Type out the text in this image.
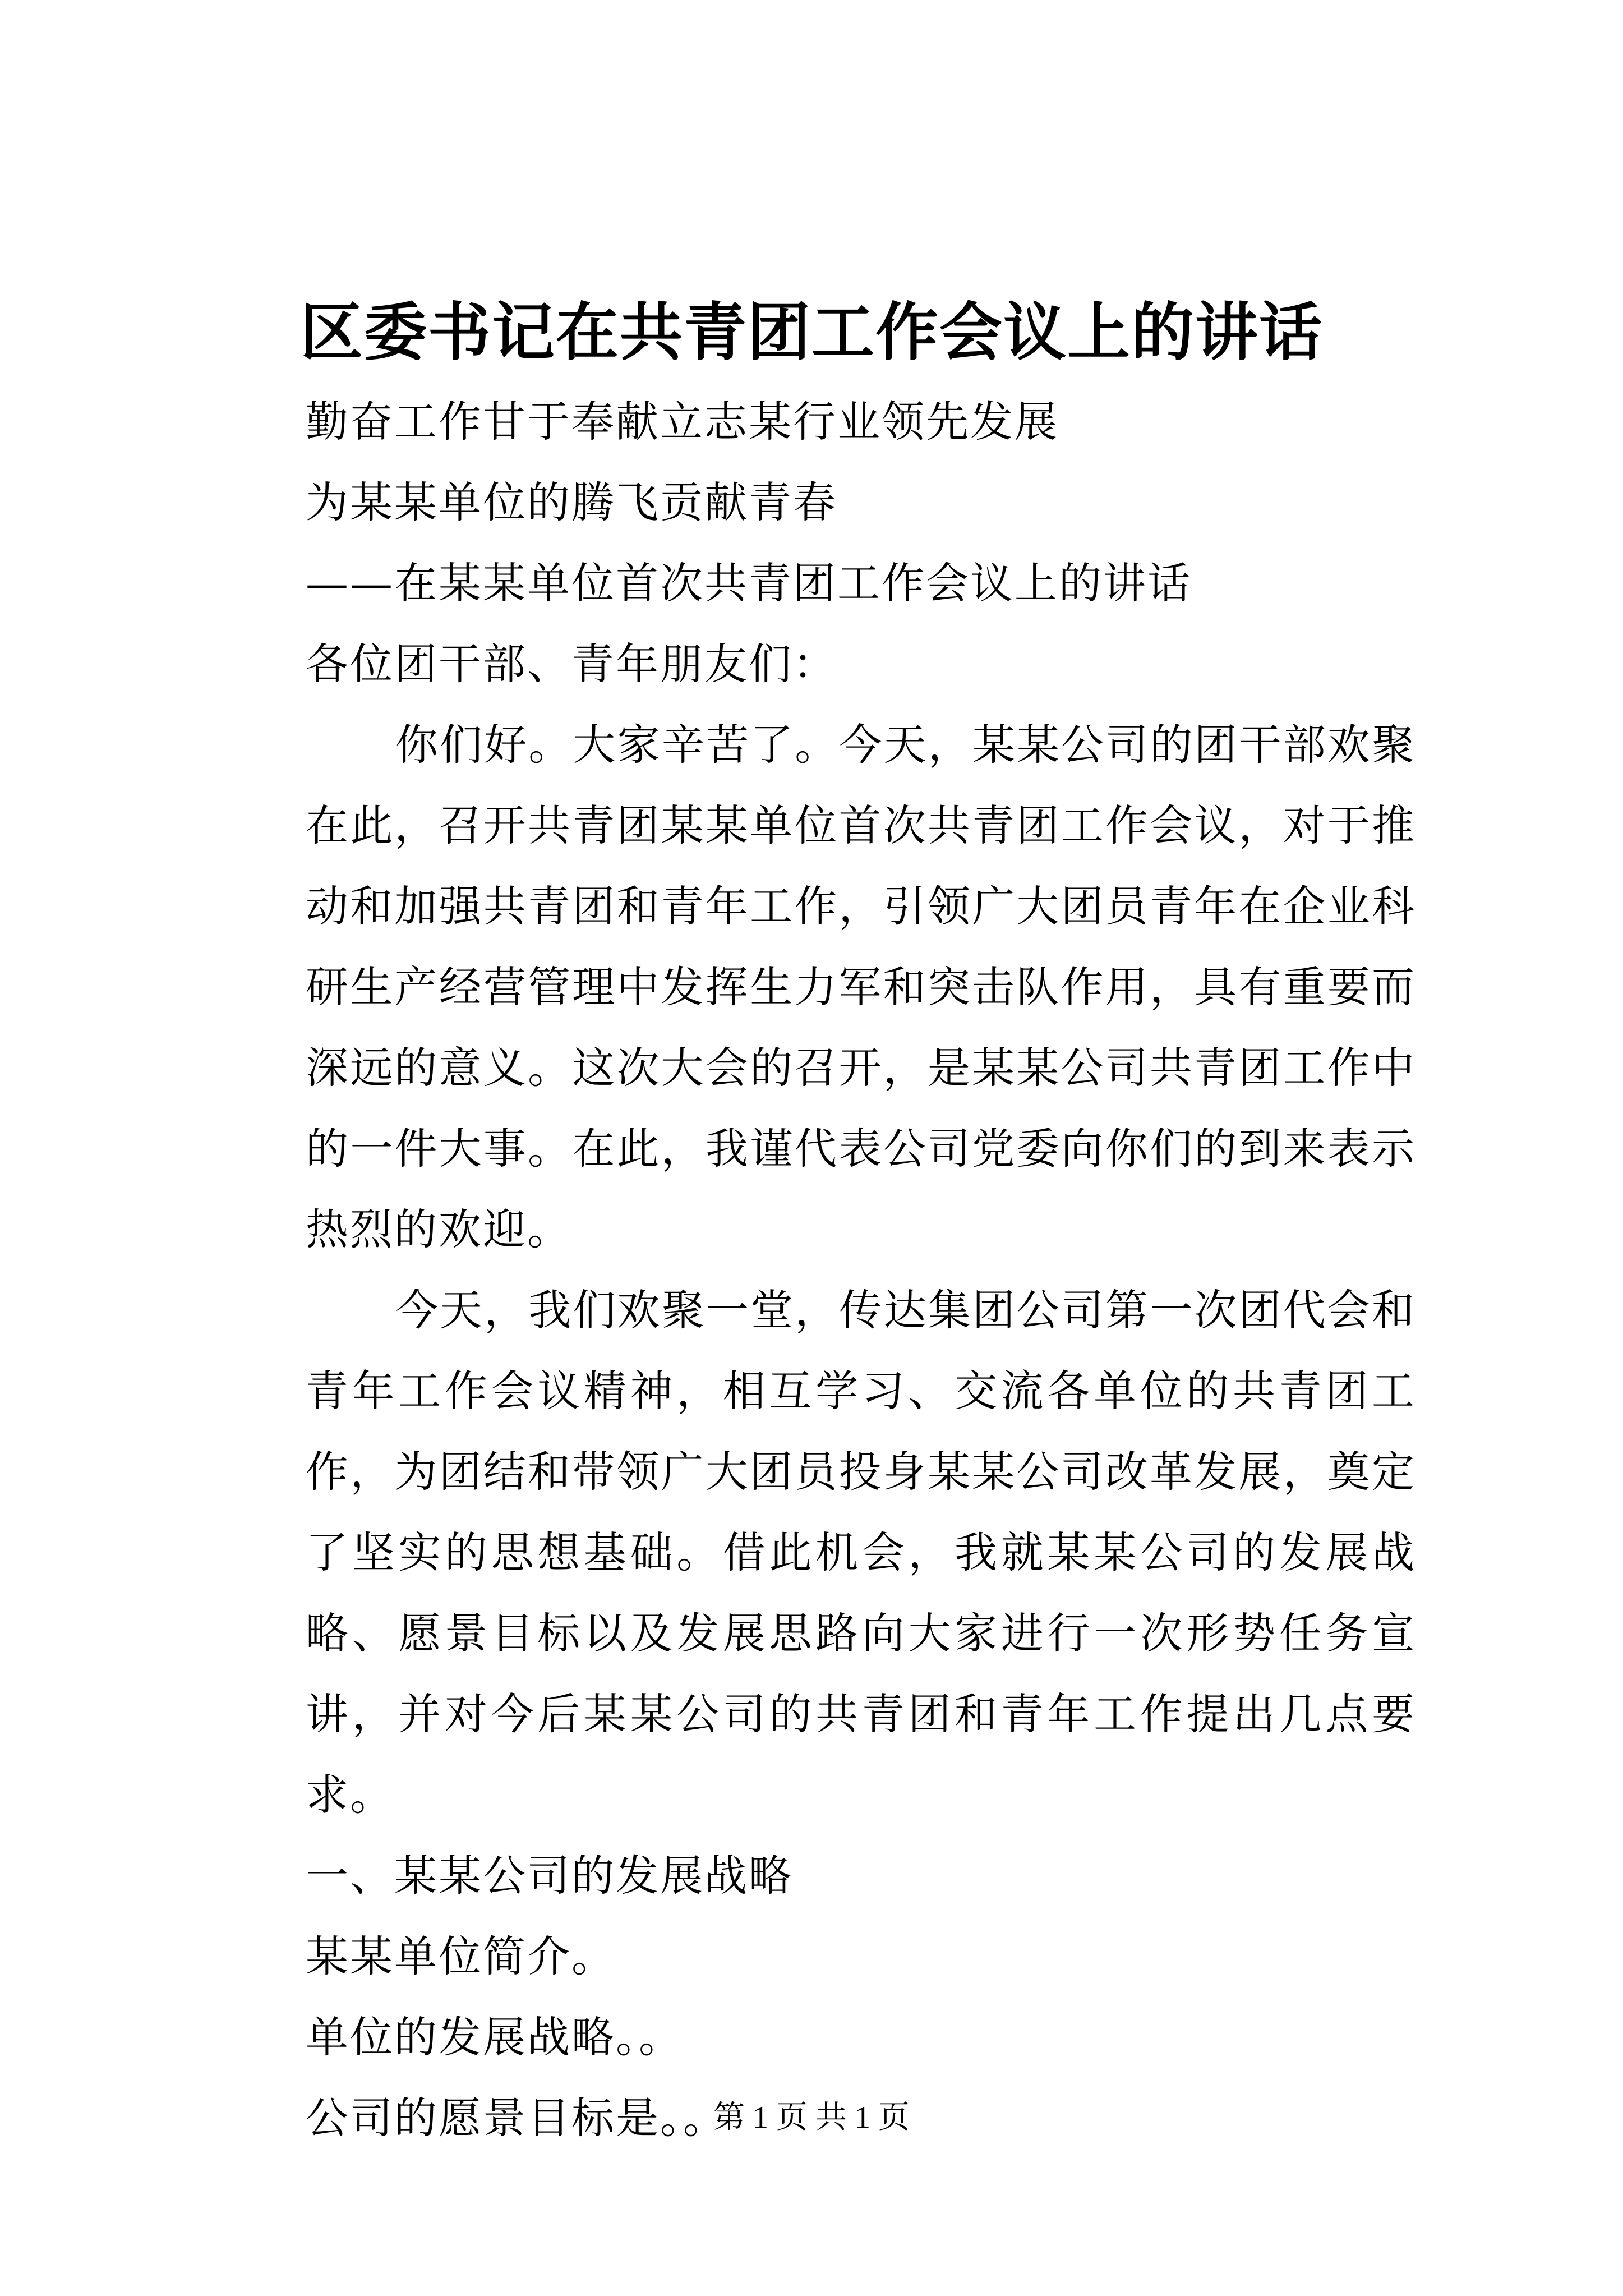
区委书记在共青团工作会议上的讲话

勤奋工作甘于奉献立志某行业领先发展

为某某单位的腾飞贡献青春

——在某某单位首次共青团工作会议上的讲话

各位团干部、青年朋友们：

你们好。大家辛苦了。今天，某某公司的团干部欢聚在此，召开共青团某某单位首次共青团工作会议，对于推动和加强共青团和青年工作，引领广大团员青年在企业科研生产经营管理中发挥生力军和突击队作用，具有重要而深远的意义。这次大会的召开，是某某公司共青团工作中的一件大事。在此，我谨代表公司党委向你们的到来表示热烈的欢迎。

今天，我们欢聚一堂，传达集团公司第一次团代会和青年工作会议精神，相互学习、交流各单位的共青团工作，为团结和带领广大团员投身某某公司改革发展，奠定了坚实的思想基础。借此机会，我就某某公司的发展战略、愿景目标以及发展思路向大家进行一次形势任务宣讲，并对今后某某公司的共青团和青年工作提出几点要求。

一、某某公司的发展战略

某某单位简介。

单位的发展战略。。

公司的愿景目标是。。

第 1 页 共 1 页
